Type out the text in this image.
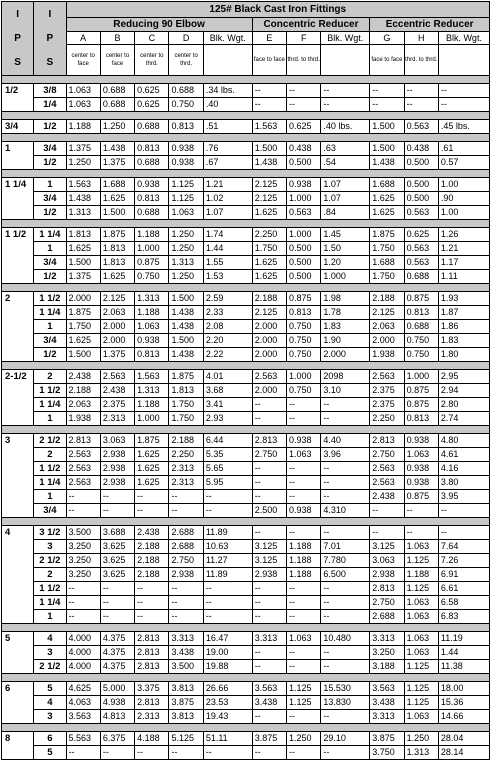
I

P

S	I

P

S	125# Black Cast Iron Fittings										
		Reducing 90 Elbow					Concentric Reducer			Eccentric Reducer		
		A	B	C	D	Blk. Wgt.	E	F	Blk. Wgt.	G	H	Blk. Wgt.
		center to face	center to face	center to thrd.	center to thrd.		face to face	thrd. to thrd.		face to face	thrd. to thrd.	

1/2	3/8	1.063	0.688	0.625	0.688	.34 lbs.	--	--	--	--	--	--
	1/4	1.063	0.688	0.625	0.750	.40	--	--	--	--	--	--

3/4	1/2	1.188	1.250	0.688	0.813	.51	1.563	0.625	.40 lbs.	1.500	0.563	.45 lbs.

1	3/4	1.375	1.438	0.813	0.938	.76	1.500	0.438	.63	1.500	0.438	.61
	1/2	1.250	1.375	0.688	0.938	.67	1.438	0.500	.54	1.438	0.500	0.57

1 1/4	1	1.563	1.688	0.938	1.125	1.21	2.125	0.938	1.07	1.688	0.500	1.00
	3/4	1.438	1.625	0.813	1.125	1.02	2.125	1.000	1.07	1.625	0.500	.90
	1/2	1.313	1.500	0.688	1.063	1.07	1.625	0.563	.84	1.625	0.563	1.00

1 1/2	1 1/4	1.813	1.875	1.188	1.250	1.74	2.250	1.000	1.45	1.875	0.625	1.26
	1	1.625	1.813	1.000	1.250	1.44	1.750	0.500	1.50	1.750	0.563	1.21
	3/4	1.500	1.813	0.875	1.313	1.55	1.625	0.500	1.20	1.688	0.563	1.17
	1/2	1.375	1.625	0.750	1.250	1.53	1.625	0.500	1.000	1.750	0.688	1.11

2	1 1/2	2.000	2.125	1.313	1.500	2.59	2.188	0.875	1.98	2.188	0.875	1.93
	1 1/4	1.875	2.063	1.188	1.438	2.33	2.125	0.813	1.78	2.125	0.813	1.87
	1	1.750	2.000	1.063	1.438	2.08	2.000	0.750	1.83	2.063	0.688	1.86
	3/4	1.625	2.000	0.938	1.500	2.20	2.000	0.750	1.90	2.000	0.750	1.83
	1/2	1.500	1.375	0.813	1.438	2.22	2.000	0.750	2.000	1.938	0.750	1.80

2-1/2	2	2.438	2.563	1.563	1.875	4.01	2.563	1.000	2098	2.563	1.000	2.95
	1 1/2	2.188	2.438	1.313	1.813	3.68	2.000	0.750	3.10	2.375	0.875	2.94
	1 1/4	2.063	2.375	1.188	1.750	3.41	--	--	--	2.375	0.875	2.80
	1	1.938	2.313	1.000	1.750	2.93	--	--	--	2.250	0.813	2.74

3	2 1/2	2.813	3.063	1.875	2.188	6.44	2.813	0.938	4.40	2.813	0.938	4.80
	2	2.563	2.938	1.625	2.250	5.35	2.750	1.063	3.96	2.750	1.063	4.61
	1 1/2	2.563	2.938	1.625	2.313	5.65	--	--	--	2.563	0.938	4.16
	1 1/4	2.563	2.938	1.625	2.313	5.95	--	--	--	2.563	0.938	3.80
	1	--	--	--	--	--	--	--	--	2.438	0.875	3.95
	3/4	--	--	--	--	--	2.500	0.938	4.310	--	--	--

4	3 1/2	3.500	3.688	2.438	2.688	11.89	--	--	--	--	--	--
	3	3.250	3.625	2.188	2.688	10.63	3.125	1.188	7.01	3.125	1.063	7.64
	2 1/2	3.250	3.625	2.188	2.750	11.27	3.125	1.188	7.780	3.063	1.125	7.26
	2	3.250	3.625	2.188	2.938	11.89	2.938	1.188	6.500	2.938	1.188	6.91
	1 1/2	--	--	--	--	--	--	--	--	2.813	1.125	6.61
	1 1/4	--	--	--	--	--	--	--	--	2.750	1.063	6.58
	1	--	--	--	--	--	--	--	--	2.688	1.063	6.83

5	4	4.000	4.375	2.813	3.313	16.47	3.313	1.063	10.480	3.313	1.063	11.19
	3	4.000	4.375	2.813	3.438	19.00	--	--	--	3.250	1.063	1.44
	2 1/2	4.000	4.375	2.813	3.500	19.88	--	--	--	3.188	1.125	11.38

6	5	4.625	5.000	3.375	3.813	26.66	3.563	1.125	15.530	3.563	1.125	18.00
	4	4.063	4.938	2.813	3.875	23.53	3.438	1.125	13.830	3.438	1.125	15.36
	3	3.563	4.813	2.313	3.813	19.43	--	--	--	3.313	1.063	14.66

8	6	5.563	6.375	4.188	5.125	51.11	3.875	1.250	29.10	3.875	1.250	28.04
	5	--	--	--	--	--	--	--	--	3.750	1.313	28.14
